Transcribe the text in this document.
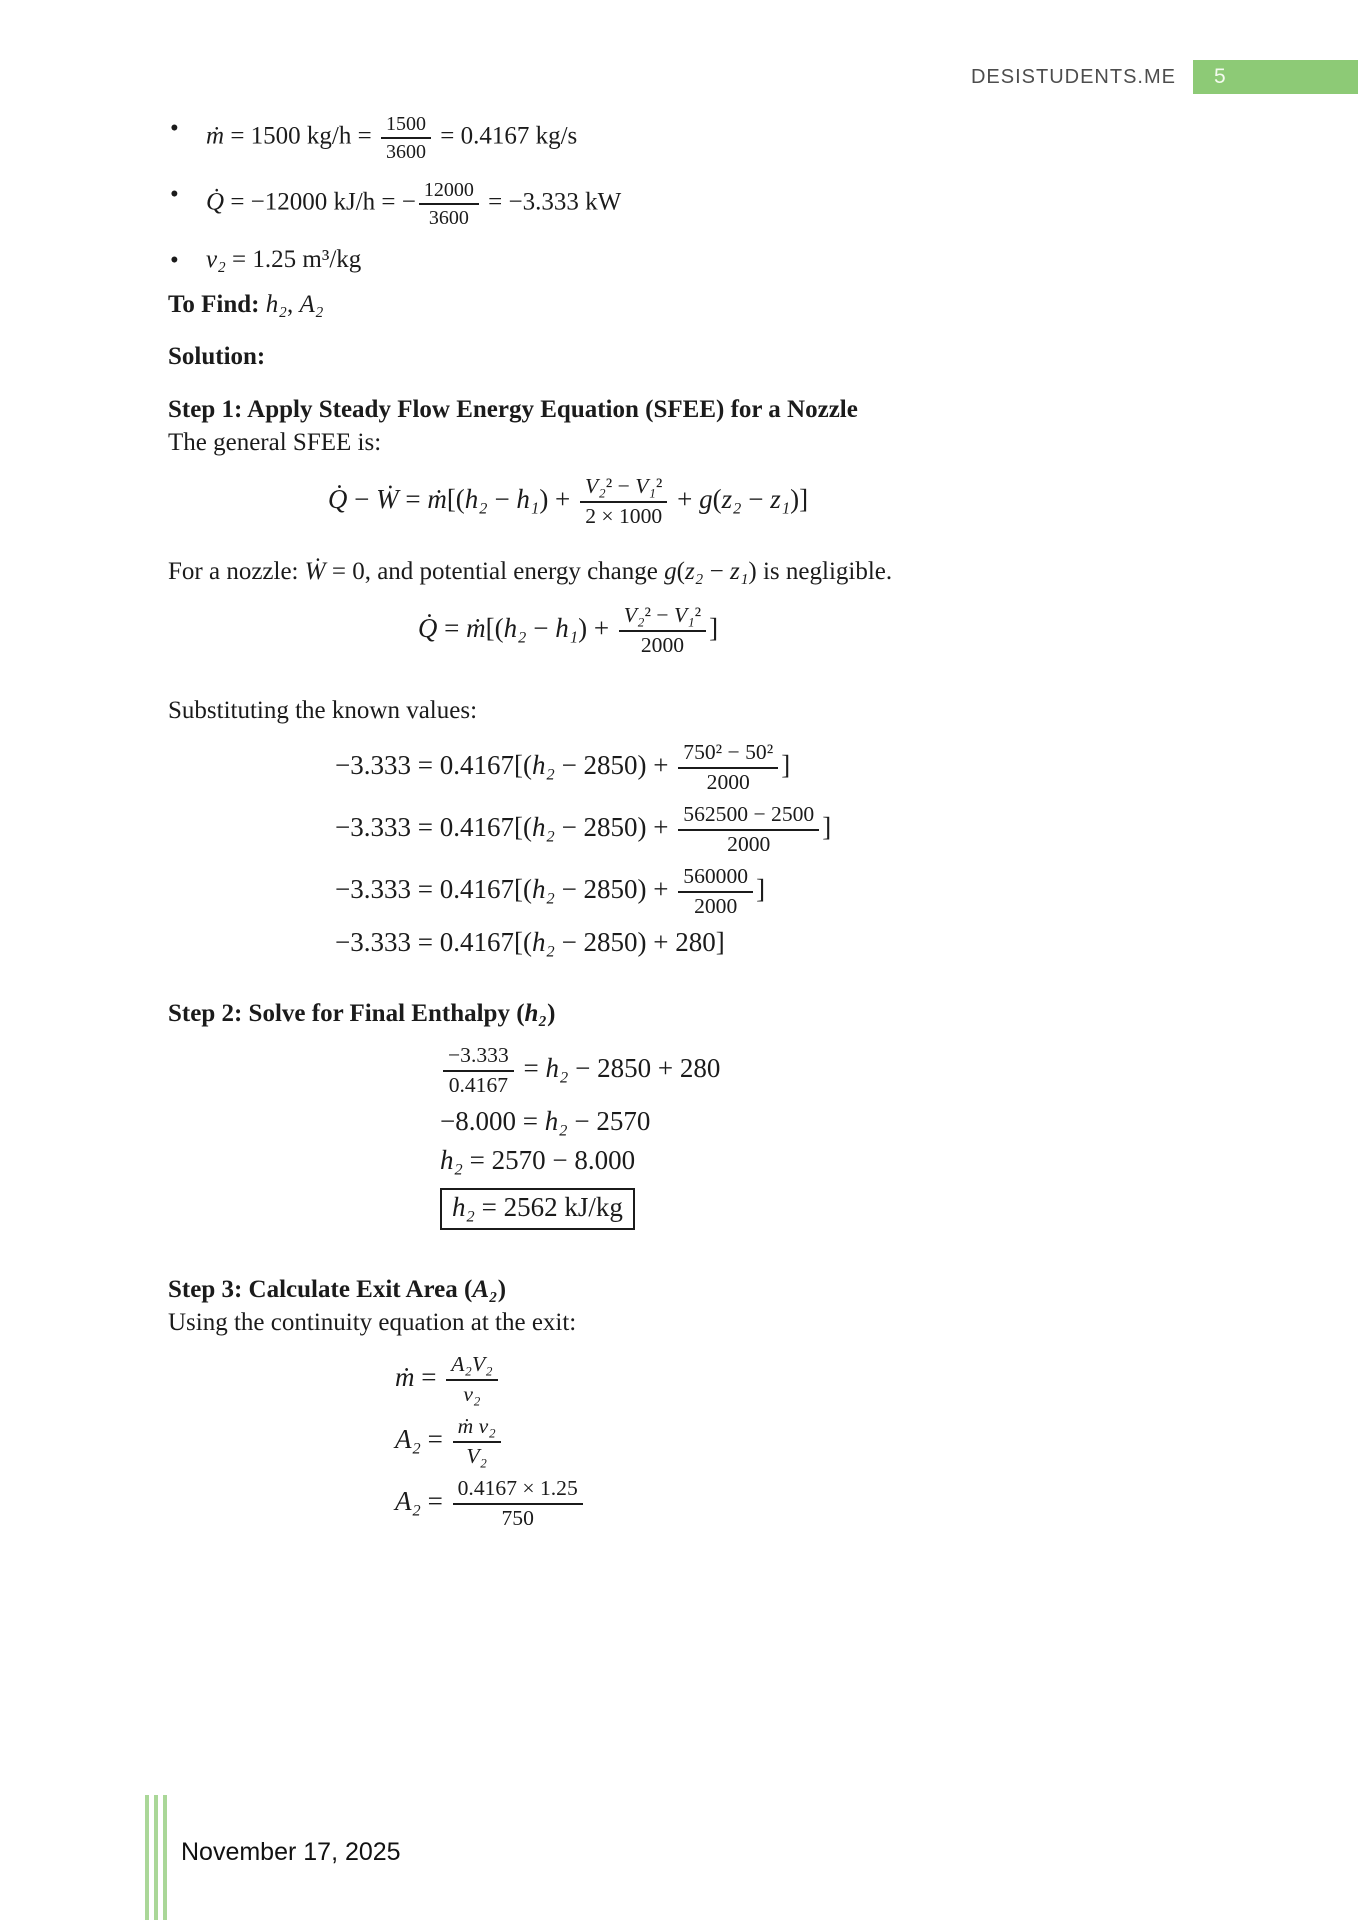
DESISTUDENTS.ME	5
• ṁ = 1500 $kg/h = \frac{1500}{3600} = 0.4167$ kg/s
• Q̇ = −12000 kJ/h = − $\frac{12000}{3600} = -3.333$ kW
• v₂ = 1.25 m³/kg
To Find: h₂, A₂
Solution:
Step 1: Apply Steady Flow Energy Equation (SFEE) for a Nozzle
The general SFEE is:
Q̇ − Ẇ = ṁ[(h₂ − $h_1) + \frac{\text{V₂² − V₁²}}{2 \times 1000} + g(z_2 - z_1)$]
For a nozzle: Ẇ = 0, and potential energy change g(z₂ − z₁) is negligible.
Q̇ = ṁ[(h₂ − $h_1) + \frac{\text{V₂² − V₁²}}{2000}$ ]
Substituting the known values:
$-3.333 = 0.4167[(h_2 - 2850) + \frac{\text{750² − 50²}}{2000}$ ]
$-3.333 = 0.4167[(h_2 - 2850) + \frac{562500 - 2500}{2000}$ ]
$-3.333 = 0.4167[(h_2 - 2850) + \frac{560000}{2000}$ ]
−3.333 = 0.4167[(h₂ − 2850) + 280]
Step 2: Solve for Final Enthalpy (h₂)
$\frac{-3.333}{0.4167} = h_2 - 2850 + 280$
−8.000 = h₂ − 2570
h₂ = 2570 − 8.000
h₂ = 2562 kJ/kg
Step 3: Calculate Exit Area (A₂)
Using the continuity equation at the exit:
ṁ = $\frac{\text{A₂V₂}}{\text{v₂}}$
$A_2 = \frac{\text{ṁ v₂}}{\text{V₂}}$
$A_2 = \frac{0.4167 \times 1.25}{750}$
November 17, 2025
